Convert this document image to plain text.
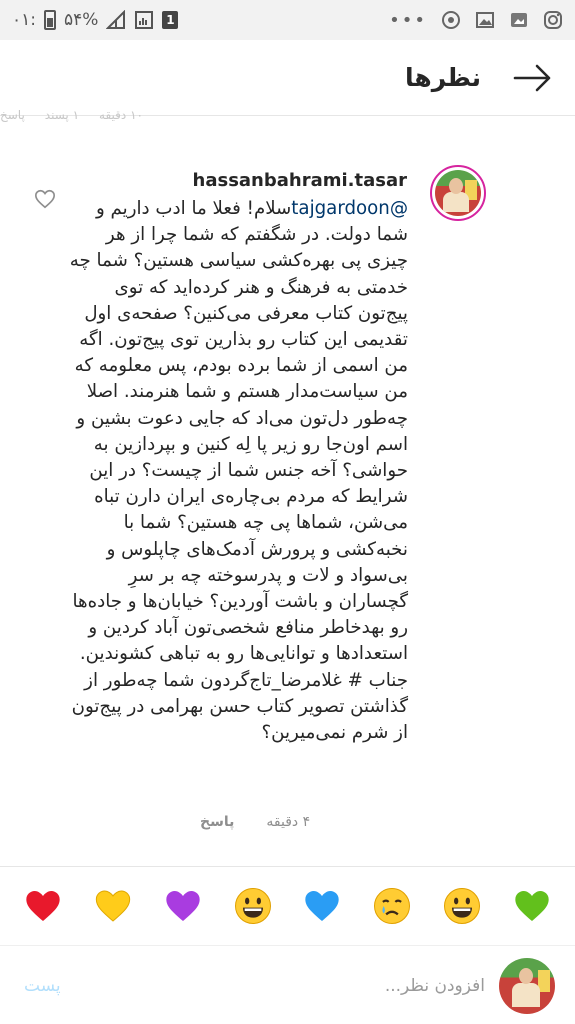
۰۱: ۵۴%	1	•••
نظرها
۱۰ دقیقه
۱ پسند
پاسخ
hassanbahrami.tasar
@tajgardoonسلام! فعلا ما ادب داریم و شما دولت. در شگفتم که شما چرا از هر چیزی پی بهره‌کشی سیاسی هستین؟ شما چه خدمتی به فرهنگ و هنر کرده‌اید که توی پیج‌تون کتاب معرفی می‌کنین؟ صفحه‌ی اول تقدیمی این کتاب رو بذارین توی پیج‌تون. اگه من اسمی از شما برده بودم، پس معلومه که من سیاست‌مدار هستم و شما هنرمند. اصلا چه‌طور دل‌تون می‌اد که جایی دعوت بشین و اسم اون‌جا رو زیر پا لِه کنین و بپردازین به حواشی؟ آخه جنس شما از چیست؟ در این شرایط که مردم بی‌چاره‌ی ایران دارن تباه می‌شن، شماها پی چه هستین؟ شما با نخبه‌کشی و پرورش آدمک‌های چاپلوس و بی‌سواد و لات و پدرسوخته چه بر سرِ گچساران و باشت آوردین؟ خیابان‌ها و جاده‌ها رو بهدخاطر منافع شخصی‌تون آباد کردین و استعدادها و توانایی‌ها رو به تباهی کشوندین. جناب # غلامرضا_تاج‌گردون شما چه‌طور از گذاشتن تصویر کتاب حسن بهرامی در پیج‌تون از شرم نمی‌میرین؟
۴ دقیقه
پاسخ
پست
افزودن نظر...
